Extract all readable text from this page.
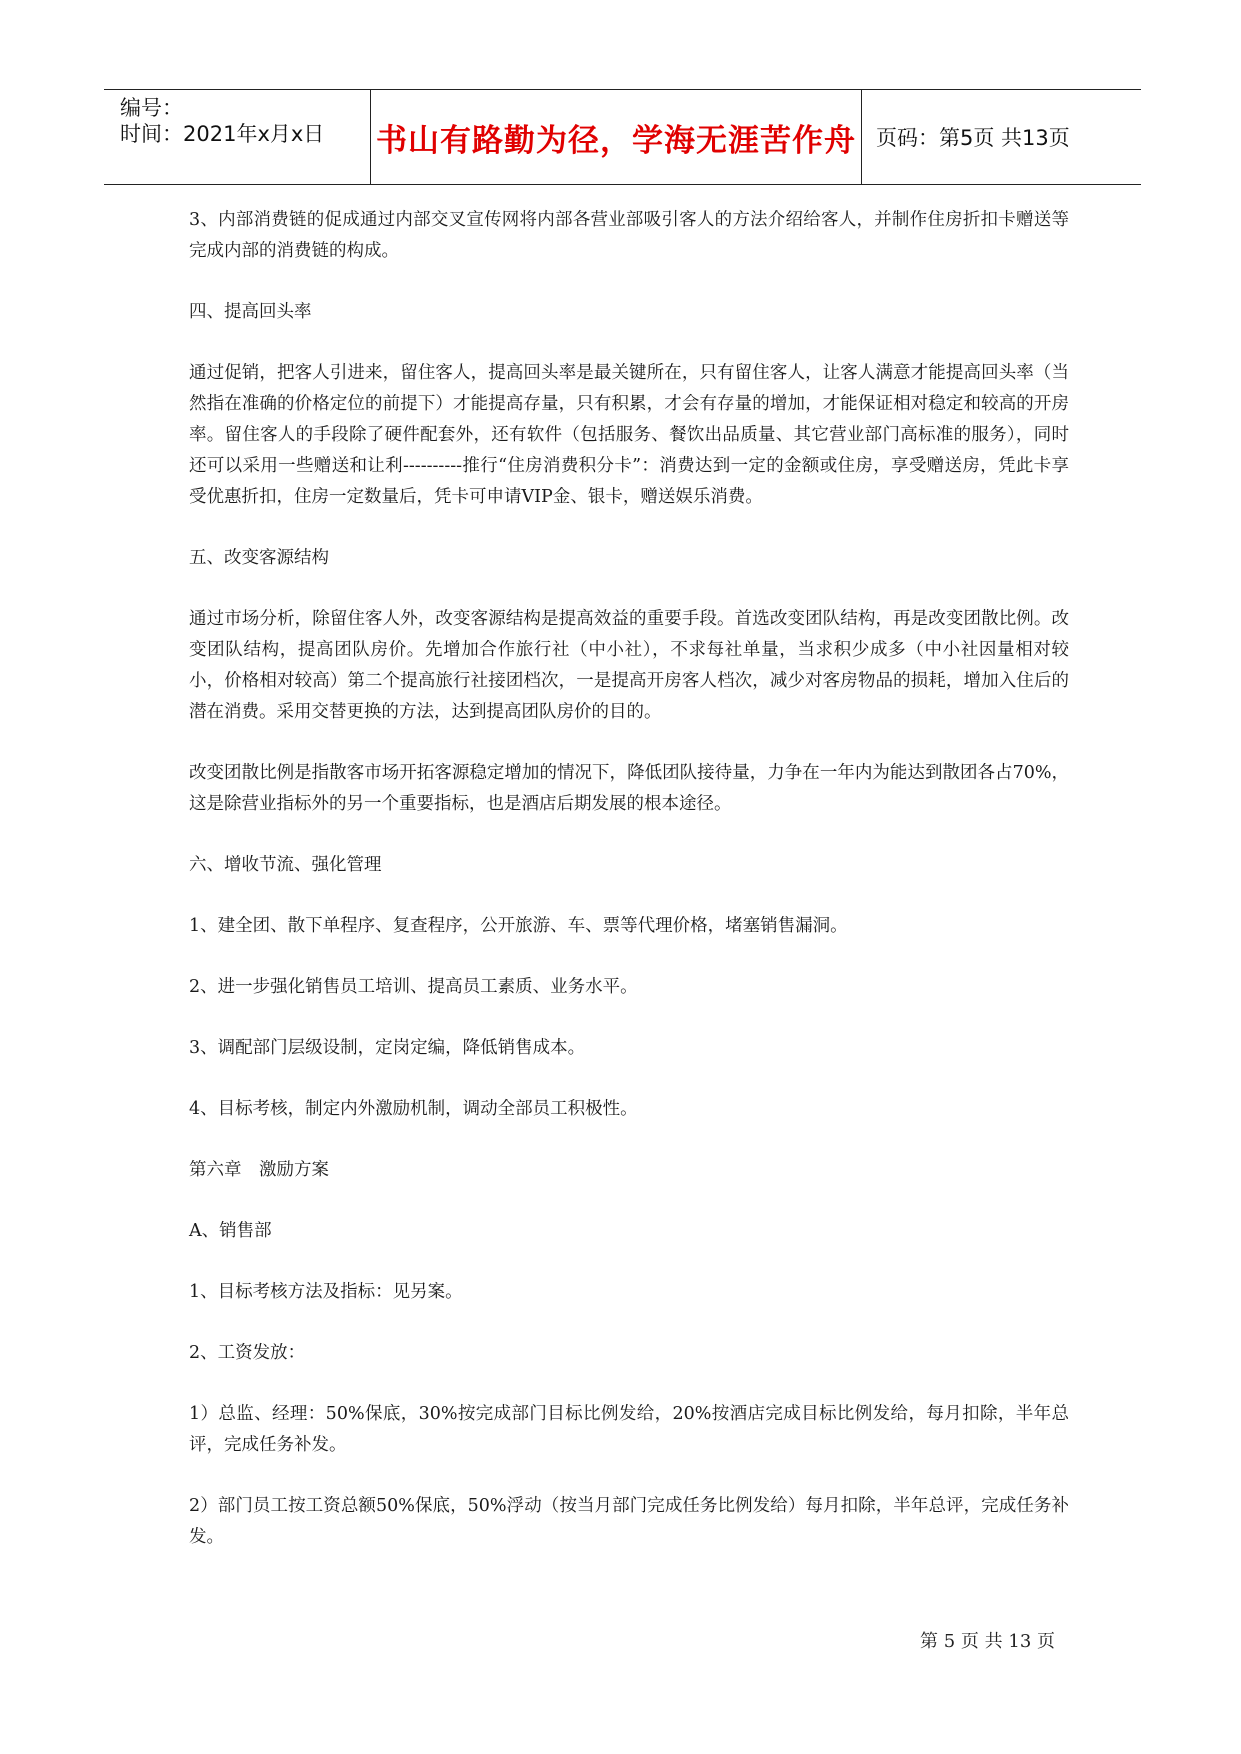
编号：
时间：2021年x月x日 书山有路勤为径，学海无涯苦作舟 页码：第5页 共13页

3、内部消费链的促成通过内部交叉宣传网将内部各营业部吸引客人的方法介绍给客人，并制作住房折扣卡赠送等完成内部的消费链的构成。

四、提高回头率

通过促销，把客人引进来，留住客人，提高回头率是最关键所在，只有留住客人，让客人满意才能提高回头率（当然指在准确的价格定位的前提下）才能提高存量，只有积累，才会有存量的增加，才能保证相对稳定和较高的开房率。留住客人的手段除了硬件配套外，还有软件（包括服务、餐饮出品质量、其它营业部门高标准的服务），同时还可以采用一些赠送和让利----------推行“住房消费积分卡”：消费达到一定的金额或住房，享受赠送房，凭此卡享受优惠折扣，住房一定数量后，凭卡可申请VIP金、银卡，赠送娱乐消费。

五、改变客源结构

通过市场分析，除留住客人外，改变客源结构是提高效益的重要手段。首选改变团队结构，再是改变团散比例。改变团队结构，提高团队房价。先增加合作旅行社（中小社），不求每社单量，当求积少成多（中小社因量相对较小，价格相对较高）第二个提高旅行社接团档次，一是提高开房客人档次，减少对客房物品的损耗，增加入住后的潜在消费。采用交替更换的方法，达到提高团队房价的目的。

改变团散比例是指散客市场开拓客源稳定增加的情况下，降低团队接待量，力争在一年内为能达到散团各占70%，这是除营业指标外的另一个重要指标，也是酒店后期发展的根本途径。

六、增收节流、强化管理

1、建全团、散下单程序、复查程序，公开旅游、车、票等代理价格，堵塞销售漏洞。

2、进一步强化销售员工培训、提高员工素质、业务水平。

3、调配部门层级设制，定岗定编，降低销售成本。

4、目标考核，制定内外激励机制，调动全部员工积极性。

第六章　激励方案

A、销售部

1、目标考核方法及指标：见另案。

2、工资发放：

1）总监、经理：50%保底，30%按完成部门目标比例发给，20%按酒店完成目标比例发给，每月扣除，半年总评，完成任务补发。

2）部门员工按工资总额50%保底，50%浮动（按当月部门完成任务比例发给）每月扣除，半年总评，完成任务补发。

第 5 页 共 13 页
